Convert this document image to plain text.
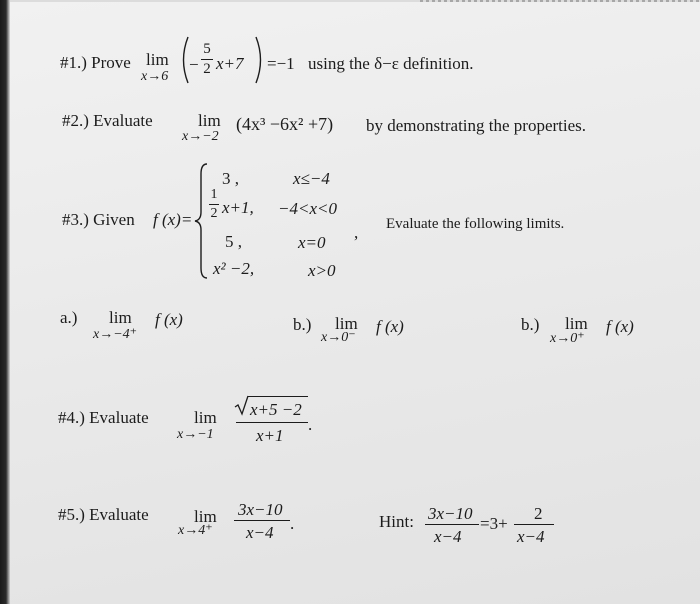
#1.) Prove lim
x→6
−
5
2 x+7 =−1 using the δ−ε definition.
#2.) Evaluate	lim
x→−2
(4x³ −6x² +7) by demonstrating the properties.
#3.) Given f (x)=
3 ,	x≤−4
1
2 x+1, −4<x<0
5 ,	x=0
x² −2,	x>0
, Evaluate the following limits.
a.) lim
x→−4⁺
f (x)	b.) lim
x→0⁻
f (x)	b.) lim
x→0⁺
f (x)
#4.) Evaluate	lim
x→−1
x+5 −2
x+1
.
#5.) Evaluate	lim
x→4⁺
3x−10
x−4 .	Hint: 3x−10
x−4
=3+
2
x−4
